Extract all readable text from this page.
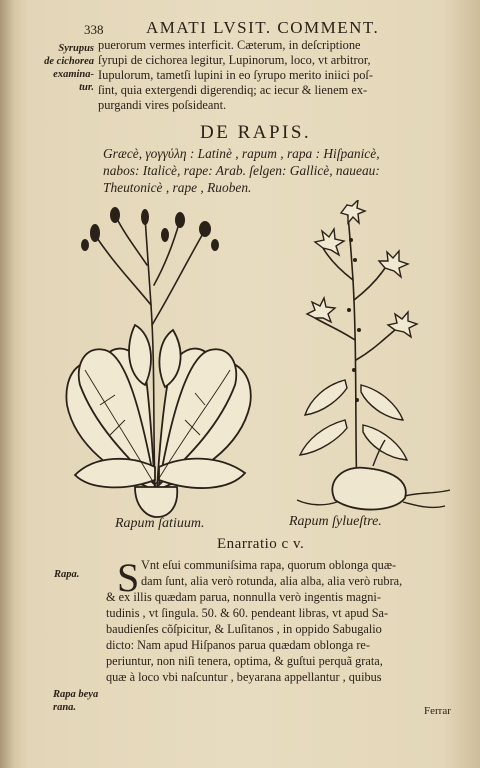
338	AMATI LVSIT. COMMENT.
Syrupus
de cichorea
examina-
tur.
puerorum vermes interficit. Cæterum, in deſcriptione
ſyrupi de cichorea legitur, Lupinorum, loco, vt arbitror,
Iupulorum, tametſi lupini in eo ſyrupo merito iniici poſ-
ſint, quia extergendi digerendiq; ac iecur & lienem ex-
purgandi vires poſsideant.
DE RAPIS.
Græcè, γογγύλη : Latinè , rapum , rapa : Hiſpanicè,
nabos: Italicè, rape: Arab. ſelgen: Gallicè, naueau:
Theutonicè , rape , Ruoben.
Rapum ſatiuum.	Rapum ſylueſtre.
Enarratio c v.
Rapa.
Rapa beya
rana.
S Vnt eſui communiſsima rapa, quorum oblonga quæ-
dam ſunt, alia verò rotunda, alia alba, alia verò rubra,
& ex illis quædam parua, nonnulla verò ingentis magni-
tudinis , vt ſingula. 50. & 60. pendeant libras, vt apud Sa-
baudienſes cõſpicitur, & Luſitanos , in oppido Sabugalio
dicto: Nam apud Hiſpanos parua quædam oblonga re-
periuntur, non niſi tenera, optima, & guſtui perquã grata,
quæ à loco vbi naſcuntur , beyarana appellantur , quibus
Ferrar
